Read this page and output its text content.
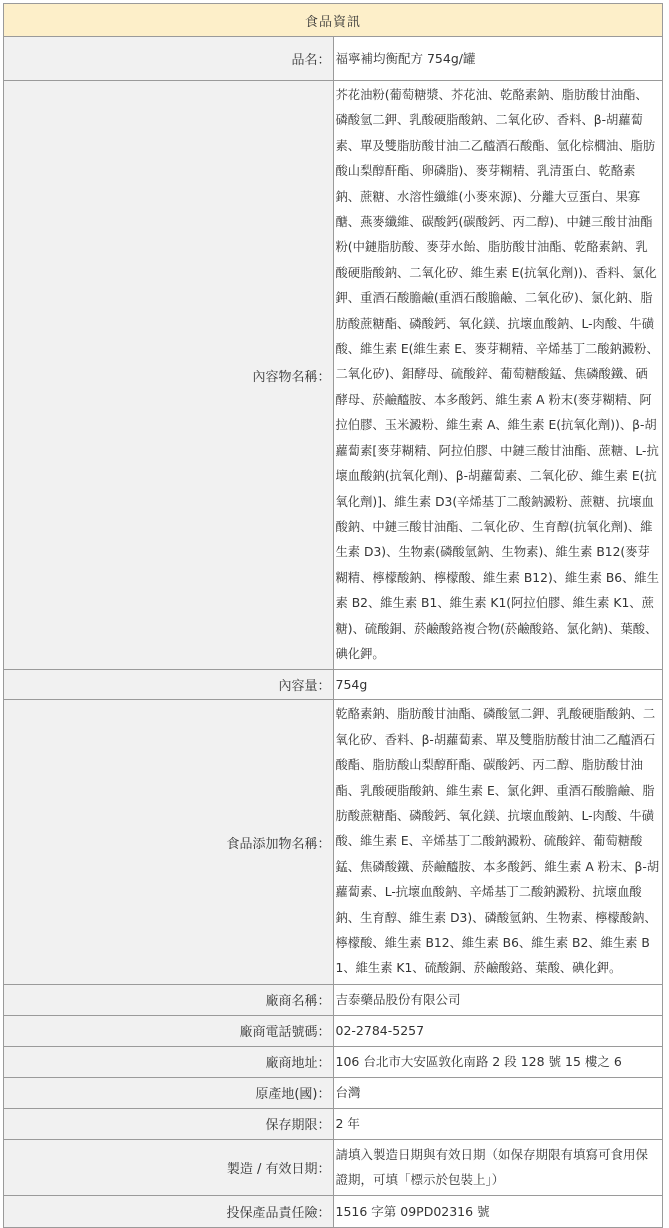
食品資訊	
品名：	福寧補均衡配方 754g/罐
內容物名稱：	芥花油粉(葡萄糖漿、芥花油、乾酪素鈉、脂肪酸甘油酯、磷酸氫二鉀、乳酸硬脂酸鈉、二氧化矽、香料、β-胡蘿蔔素、單及雙脂肪酸甘油二乙醯酒石酸酯、氫化棕櫚油、脂肪酸山梨醇酐酯、卵磷脂)、麥芽糊精、乳清蛋白、乾酪素鈉、蔗糖、水溶性纖維(小麥來源)、分離大豆蛋白、果寡醣、燕麥纖維、碳酸鈣(碳酸鈣、丙二醇)、中鏈三酸甘油酯粉(中鏈脂肪酸、麥芽水飴、脂肪酸甘油酯、乾酪素鈉、乳酸硬脂酸鈉、二氧化矽、維生素 E(抗氧化劑))、香料、氯化鉀、重酒石酸膽鹼(重酒石酸膽鹼、二氧化矽)、氯化鈉、脂肪酸蔗糖酯、磷酸鈣、氧化鎂、抗壞血酸鈉、L-肉酸、牛磺酸、維生素 E(維生素 E、麥芽糊精、辛烯基丁二酸鈉澱粉、二氧化矽)、鉬酵母、硫酸鋅、葡萄糖酸錳、焦磷酸鐵、硒酵母、菸鹼醯胺、本多酸鈣、維生素 A 粉末(麥芽糊精、阿拉伯膠、玉米澱粉、維生素 A、維生素 E(抗氧化劑))、β-胡蘿蔔素[麥芽糊精、阿拉伯膠、中鏈三酸甘油酯、蔗糖、L-抗壞血酸鈉(抗氧化劑)、β-胡蘿蔔素、二氧化矽、維生素 E(抗氧化劑)]、維生素 D3(辛烯基丁二酸鈉澱粉、蔗糖、抗壞血酸鈉、中鏈三酸甘油酯、二氧化矽、生育醇(抗氧化劑)、維生素 D3)、生物素(磷酸氫鈉、生物素)、維生素 B12(麥芽糊精、檸檬酸鈉、檸檬酸、維生素 B12)、維生素 B6、維生素 B2、維生素 B1、維生素 K1(阿拉伯膠、維生素 K1、蔗糖)、硫酸銅、菸鹼酸鉻複合物(菸鹼酸鉻、氯化鈉)、葉酸、碘化鉀。
內容量：	754g
食品添加物名稱：	乾酪素鈉、脂肪酸甘油酯、磷酸氫二鉀、乳酸硬脂酸鈉、二氧化矽、香料、β-胡蘿蔔素、單及雙脂肪酸甘油二乙醯酒石酸酯、脂肪酸山梨醇酐酯、碳酸鈣、丙二醇、脂肪酸甘油酯、乳酸硬脂酸鈉、維生素 E、氯化鉀、重酒石酸膽鹼、脂肪酸蔗糖酯、磷酸鈣、氧化鎂、抗壞血酸鈉、L-肉酸、牛磺酸、維生素 E、辛烯基丁二酸鈉澱粉、硫酸鋅、葡萄糖酸錳、焦磷酸鐵、菸鹼醯胺、本多酸鈣、維生素 A 粉末、β-胡蘿蔔素、L-抗壞血酸鈉、辛烯基丁二酸鈉澱粉、抗壞血酸鈉、生育醇、維生素 D3)、磷酸氫鈉、生物素、檸檬酸鈉、檸檬酸、維生素 B12、維生素 B6、維生素 B2、維生素 B1、維生素 K1、硫酸銅、菸鹼酸鉻、葉酸、碘化鉀。
廠商名稱：	吉泰藥品股份有限公司
廠商電話號碼：	02-2784-5257
廠商地址：	106 台北市大安區敦化南路 2 段 128 號 15 樓之 6
原產地(國)：	台灣
保存期限：	2 年
製造 / 有效日期：	請填入製造日期與有效日期（如保存期限有填寫可食用保證期，可填「標示於包裝上」）
投保產品責任險：	1516 字第 09PD02316 號
